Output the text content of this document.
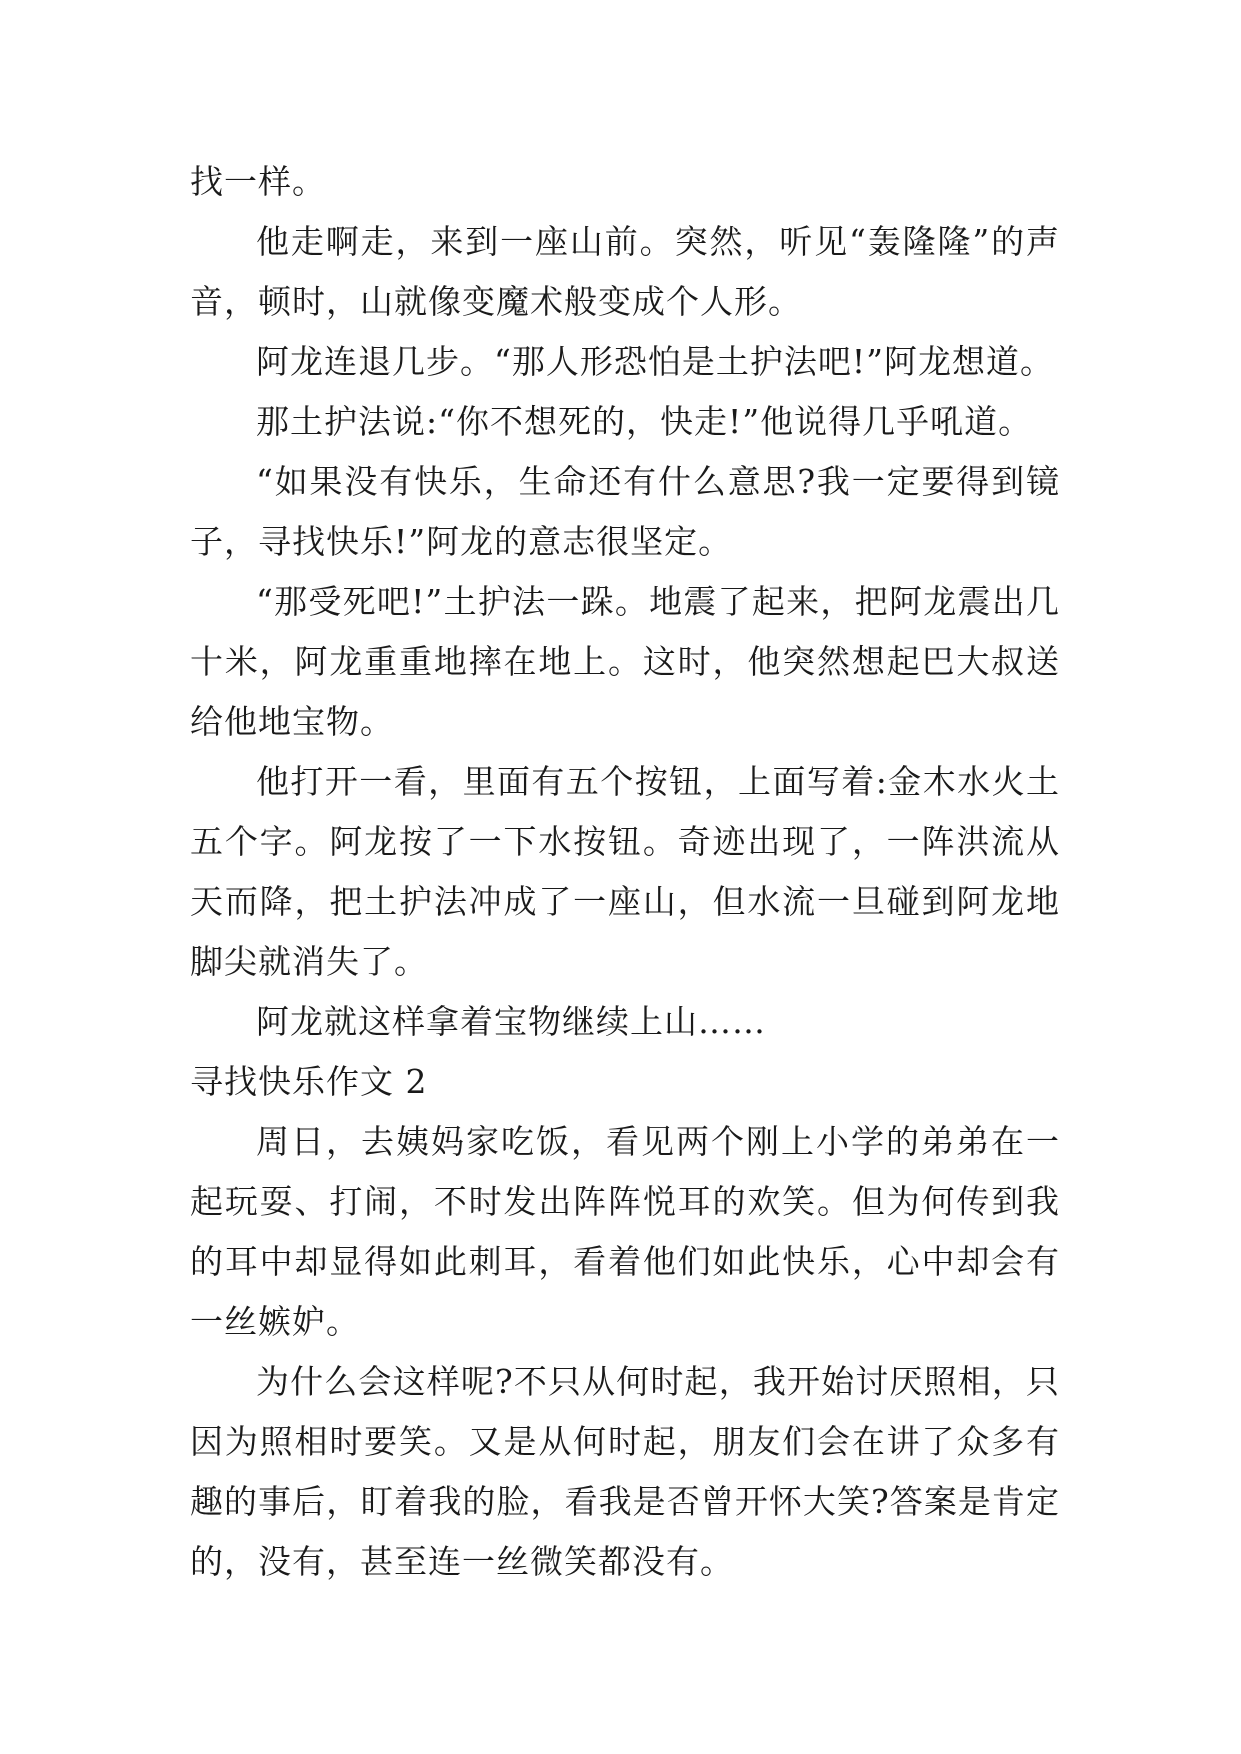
找一样。

他走啊走，来到一座山前。突然，听见“轰隆隆”的声音，顿时，山就像变魔术般变成个人形。

阿龙连退几步。“那人形恐怕是土护法吧!”阿龙想道。

那土护法说:“你不想死的，快走!”他说得几乎吼道。

“如果没有快乐，生命还有什么意思?我一定要得到镜子，寻找快乐!”阿龙的意志很坚定。

“那受死吧!”土护法一跺。地震了起来，把阿龙震出几十米，阿龙重重地摔在地上。这时，他突然想起巴大叔送给他地宝物。

他打开一看，里面有五个按钮，上面写着:金木水火土五个字。阿龙按了一下水按钮。奇迹出现了，一阵洪流从天而降，把土护法冲成了一座山，但水流一旦碰到阿龙地脚尖就消失了。

阿龙就这样拿着宝物继续上山……

寻找快乐作文 2

周日，去姨妈家吃饭，看见两个刚上小学的弟弟在一起玩耍、打闹，不时发出阵阵悦耳的欢笑。但为何传到我的耳中却显得如此刺耳，看着他们如此快乐，心中却会有一丝嫉妒。

为什么会这样呢?不只从何时起，我开始讨厌照相，只因为照相时要笑。又是从何时起，朋友们会在讲了众多有趣的事后，盯着我的脸，看我是否曾开怀大笑?答案是肯定的，没有，甚至连一丝微笑都没有。
